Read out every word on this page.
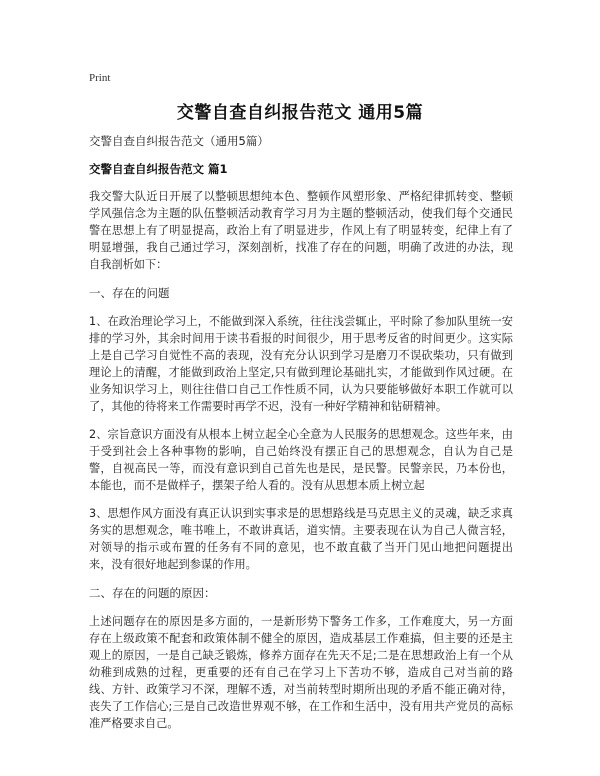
Print
交警自查自纠报告范文 通用5篇

交警自查自纠报告范文（通用5篇）

交警自查自纠报告范文 篇1

我交警大队近日开展了以整顿思想纯本色、整顿作风塑形象、严格纪律抓转变、整顿学风强信念为主题的队伍整顿活动教育学习月为主题的整顿活动，使我们每个交通民警在思想上有了明显提高，政治上有了明显进步，作风上有了明显转变，纪律上有了明显增强，我自己通过学习，深刻剖析，找准了存在的问题，明确了改进的办法，现自我剖析如下：

一、存在的问题

1、在政治理论学习上，不能做到深入系统，往往浅尝辄止，平时除了参加队里统一安排的学习外，其余时间用于读书看报的时间很少，用于思考反省的时间更少。这实际上是自己学习自觉性不高的表现，没有充分认识到学习是磨刀不误砍柴功，只有做到理论上的清醒，才能做到政治上坚定,只有做到理论基础扎实，才能做到作风过硬。在业务知识学习上，则往往借口自己工作性质不同，认为只要能够做好本职工作就可以了，其他的待将来工作需要时再学不迟，没有一种好学精神和钻研精神。

2、宗旨意识方面没有从根本上树立起全心全意为人民服务的思想观念。这些年来，由于受到社会上各种事物的影响，自己始终没有摆正自己的思想观念，自认为自己是警，自视高民一等，而没有意识到自己首先也是民，是民警。民警亲民，乃本份也，本能也，而不是做样子，摆架子给人看的。没有从思想本质上树立起

3、思想作风方面没有真正认识到实事求是的思想路线是马克思主义的灵魂，缺乏求真务实的思想观念，唯书唯上，不敢讲真话，道实情。主要表现在认为自己人微言轻，对领导的指示或布置的任务有不同的意见，也不敢直截了当开门见山地把问题提出来，没有很好地起到参谋的作用。

二、存在的问题的原因：

上述问题存在的原因是多方面的，一是新形势下警务工作多，工作难度大，另一方面存在上级政策不配套和政策体制不健全的原因，造成基层工作难搞，但主要的还是主观上的原因，一是自己缺乏锻炼，修养方面存在先天不足;二是在思想政治上有一个从幼稚到成熟的过程，更重要的还有自己在学习上下苦功不够，造成自己对当前的路线、方针、政策学习不深，理解不透，对当前转型时期所出现的矛盾不能正确对待，丧失了工作信心;三是自己改造世界观不够，在工作和生活中，没有用共产党员的高标准严格要求自己。
